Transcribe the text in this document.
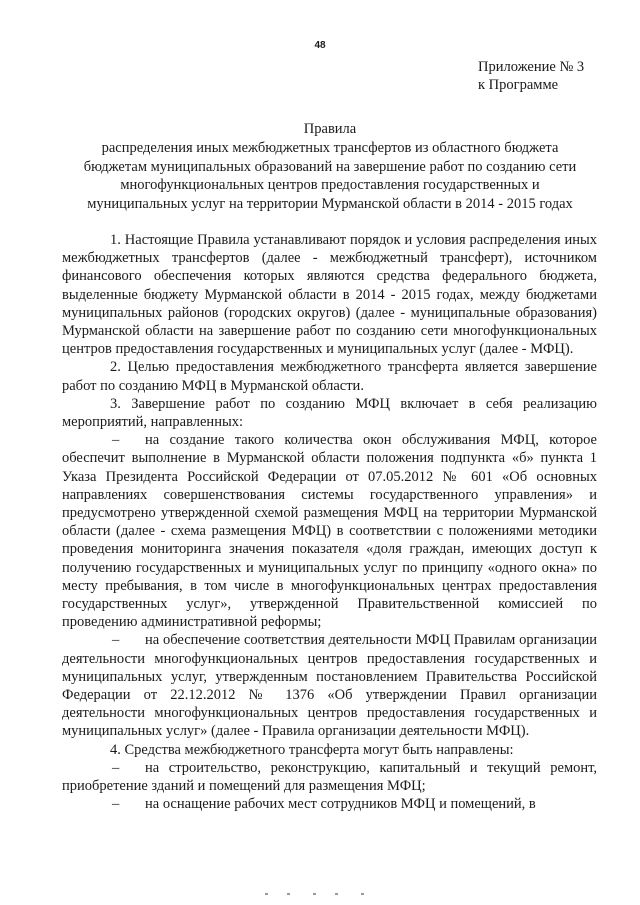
48
Приложение № 3
к Программе
Правила
распределения иных межбюджетных трансфертов из областного бюджета
бюджетам муниципальных образований на завершение работ по созданию сети
многофункциональных центров предоставления государственных и
муниципальных услуг на территории Мурманской области в 2014 - 2015 годах

1. Настоящие Правила устанавливают порядок и условия распределения иных межбюджетных трансфертов (далее - межбюджетный трансферт), источником финансового обеспечения которых являются средства федерального бюджета, выделенные бюджету Мурманской области в 2014 - 2015 годах, между бюджетами муниципальных районов (городских округов) (далее - муниципальные образования) Мурманской области на завершение работ по созданию сети многофункциональных центров предоставления государственных и муниципальных услуг (далее - МФЦ).

2. Целью предоставления межбюджетного трансферта является завершение работ по созданию МФЦ в Мурманской области.

3. Завершение работ по созданию МФЦ включает в себя реализацию мероприятий, направленных:

– на создание такого количества окон обслуживания МФЦ, которое обеспечит выполнение в Мурманской области положения подпункта «б» пункта 1 Указа Президента Российской Федерации от 07.05.2012 № 601 «Об основных направлениях совершенствования системы государственного управления» и предусмотрено утвержденной схемой размещения МФЦ на территории Мурманской области (далее - схема размещения МФЦ) в соответствии с положениями методики проведения мониторинга значения показателя «доля граждан, имеющих доступ к получению государственных и муниципальных услуг по принципу «одного окна» по месту пребывания, в том числе в многофункциональных центрах предоставления государственных услуг», утвержденной Правительственной комиссией по проведению административной реформы;

– на обеспечение соответствия деятельности МФЦ Правилам организации деятельности многофункциональных центров предоставления государственных и муниципальных услуг, утвержденным постановлением Правительства Российской Федерации от 22.12.2012 № 1376 «Об утверждении Правил организации деятельности многофункциональных центров предоставления государственных и муниципальных услуг» (далее - Правила организации деятельности МФЦ).

4. Средства межбюджетного трансферта могут быть направлены:

– на строительство, реконструкцию, капитальный и текущий ремонт, приобретение зданий и помещений для размещения МФЦ;

– на оснащение рабочих мест сотрудников МФЦ и помещений, в
